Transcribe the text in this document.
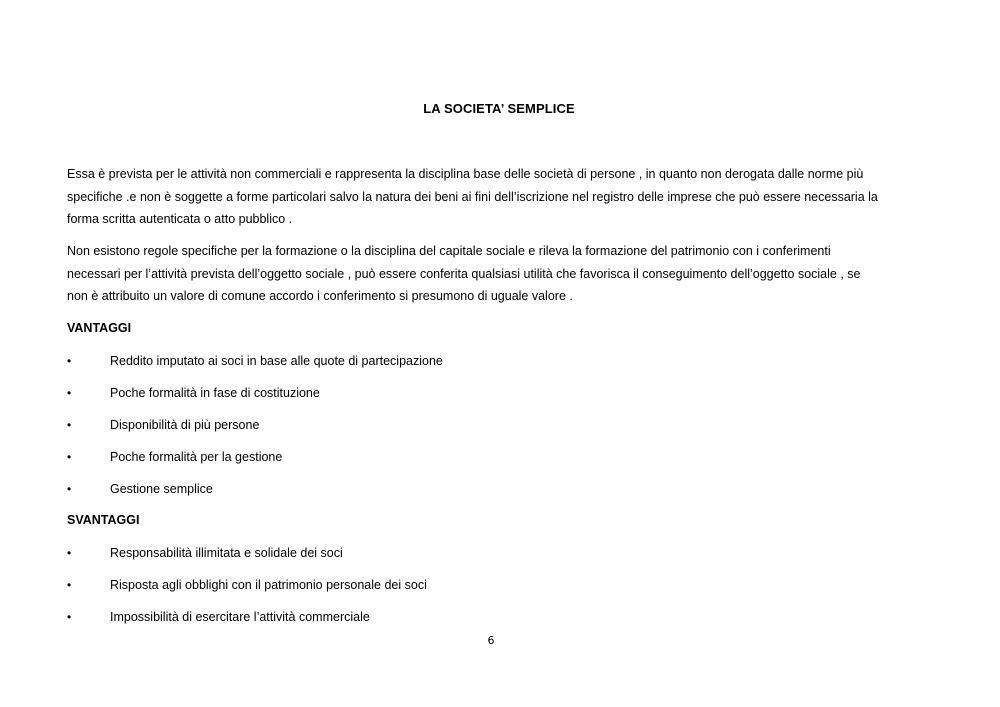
LA SOCIETA’ SEMPLICE

Essa è prevista per le attività non commerciali e rappresenta la disciplina base delle società di persone , in quanto non derogata dalle norme più
specifiche .e non è soggette a forme particolari salvo la natura dei beni ai fini dell’iscrizione nel registro delle imprese che può essere necessaria la
forma scritta autenticata o atto pubblico .

Non esistono regole specifiche per la formazione o la disciplina del capitale sociale e rileva la formazione del patrimonio con i conferimenti
necessari per l’attività prevista dell’oggetto sociale , può essere conferita qualsiasi utilità che favorisca il conseguimento dell’oggetto sociale , se
non è attribuito un valore di comune accordo i conferimento si presumono di uguale valore .

VANTAGGI
•	Reddito imputato ai soci in base alle quote di partecipazione
•	Poche formalità in fase di costituzione
•	Disponibilità di più persone
•	Poche formalità per la gestione
•	Gestione semplice
SVANTAGGI
•	Responsabilità illimitata e solidale dei soci
•	Risposta agli obblighi con il patrimonio personale dei soci
•	Impossibilità di esercitare l’attività commerciale
6
